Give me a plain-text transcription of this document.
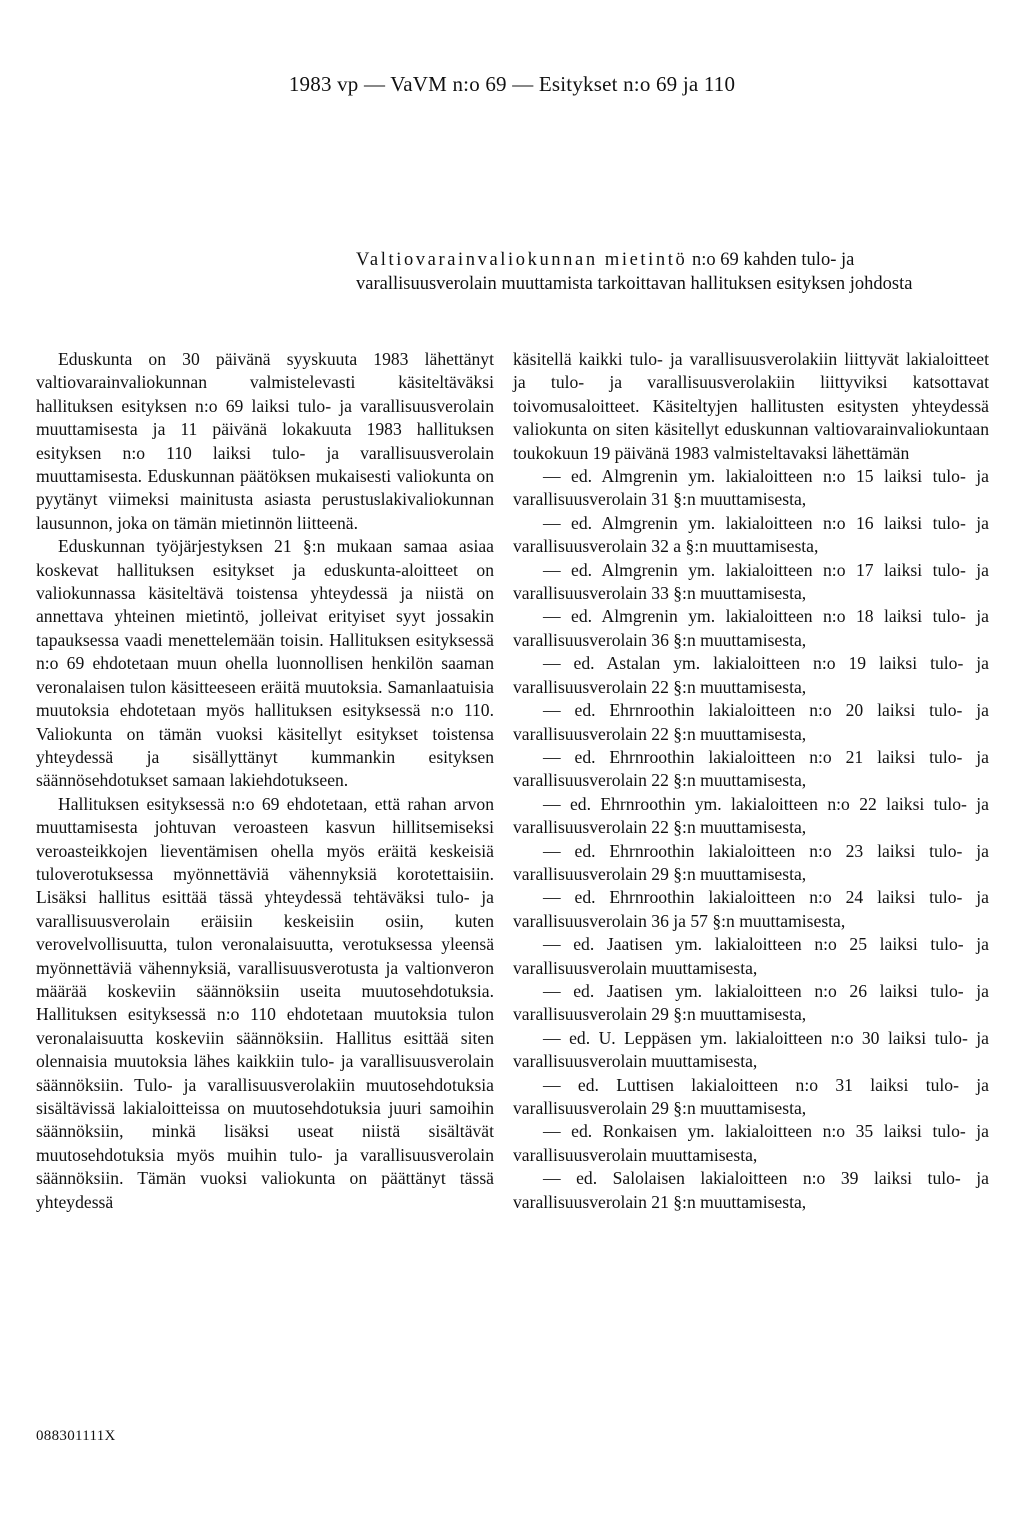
1983 vp — VaVM n:o 69 — Esitykset n:o 69 ja 110
Valtiovarainvaliokunnan mietintö n:o 69 kahden tulo- ja varallisuusverolain muuttamista tarkoittavan hallituksen esityksen johdosta

Eduskunta on 30 päivänä syyskuuta 1983 lähettänyt valtiovarainvaliokunnan valmistelevasti käsiteltäväksi hallituksen esityksen n:o 69 laiksi tulo- ja varallisuusverolain muuttamisesta ja 11 päivänä lokakuuta 1983 hallituksen esityksen n:o 110 laiksi tulo- ja varallisuusverolain muuttamisesta. Eduskunnan päätöksen mukaisesti valiokunta on pyytänyt viimeksi mainitusta asiasta perustuslakivaliokunnan lausunnon, joka on tämän mietinnön liitteenä.

Eduskunnan työjärjestyksen 21 §:n mukaan samaa asiaa koskevat hallituksen esitykset ja eduskunta-aloitteet on valiokunnassa käsiteltävä toistensa yhteydessä ja niistä on annettava yhteinen mietintö, jolleivat erityiset syyt jossakin tapauksessa vaadi menettelemään toisin. Hallituksen esityksessä n:o 69 ehdotetaan muun ohella luonnollisen henkilön saaman veronalaisen tulon käsitteeseen eräitä muutoksia. Samanlaatuisia muutoksia ehdotetaan myös hallituksen esityksessä n:o 110. Valiokunta on tämän vuoksi käsitellyt esitykset toistensa yhteydessä ja sisällyttänyt kummankin esityksen säännösehdotukset samaan lakiehdotukseen.

Hallituksen esityksessä n:o 69 ehdotetaan, että rahan arvon muuttamisesta johtuvan veroasteen kasvun hillitsemiseksi veroasteikkojen lieventämisen ohella myös eräitä keskeisiä tuloverotuksessa myönnettäviä vähennyksiä korotettaisiin. Lisäksi hallitus esittää tässä yhteydessä tehtäväksi tulo- ja varallisuusverolain eräisiin keskeisiin osiin, kuten verovelvollisuutta, tulon veronalaisuutta, verotuksessa yleensä myönnettäviä vähennyksiä, varallisuusverotusta ja valtionveron määrää koskeviin säännöksiin useita muutosehdotuksia. Hallituksen esityksessä n:o 110 ehdotetaan muutoksia tulon veronalaisuutta koskeviin säännöksiin. Hallitus esittää siten olennaisia muutoksia lähes kaikkiin tulo- ja varallisuusverolain säännöksiin. Tulo- ja varallisuusverolakiin muutosehdotuksia sisältävissä lakialoitteissa on muutosehdotuksia juuri samoihin säännöksiin, minkä lisäksi useat niistä sisältävät muutosehdotuksia myös muihin tulo- ja varallisuusverolain säännöksiin. Tämän vuoksi valiokunta on päättänyt tässä yhteydessä

käsitellä kaikki tulo- ja varallisuusverolakiin liittyvät lakialoitteet ja tulo- ja varallisuusverolakiin liittyviksi katsottavat toivomusaloitteet. Käsiteltyjen hallitusten esitysten yhteydessä valiokunta on siten käsitellyt eduskunnan valtiovarainvaliokuntaan toukokuun 19 päivänä 1983 valmisteltavaksi lähettämän

— ed. Almgrenin ym. lakialoitteen n:o 15 laiksi tulo- ja varallisuusverolain 31 §:n muuttamisesta,

— ed. Almgrenin ym. lakialoitteen n:o 16 laiksi tulo- ja varallisuusverolain 32 a §:n muuttamisesta,

— ed. Almgrenin ym. lakialoitteen n:o 17 laiksi tulo- ja varallisuusverolain 33 §:n muuttamisesta,

— ed. Almgrenin ym. lakialoitteen n:o 18 laiksi tulo- ja varallisuusverolain 36 §:n muuttamisesta,

— ed. Astalan ym. lakialoitteen n:o 19 laiksi tulo- ja varallisuusverolain 22 §:n muuttamisesta,

— ed. Ehrnroothin lakialoitteen n:o 20 laiksi tulo- ja varallisuusverolain 22 §:n muuttamisesta,

— ed. Ehrnroothin lakialoitteen n:o 21 laiksi tulo- ja varallisuusverolain 22 §:n muuttamisesta,

— ed. Ehrnroothin ym. lakialoitteen n:o 22 laiksi tulo- ja varallisuusverolain 22 §:n muuttamisesta,

— ed. Ehrnroothin lakialoitteen n:o 23 laiksi tulo- ja varallisuusverolain 29 §:n muuttamisesta,

— ed. Ehrnroothin lakialoitteen n:o 24 laiksi tulo- ja varallisuusverolain 36 ja 57 §:n muuttamisesta,

— ed. Jaatisen ym. lakialoitteen n:o 25 laiksi tulo- ja varallisuusverolain muuttamisesta,

— ed. Jaatisen ym. lakialoitteen n:o 26 laiksi tulo- ja varallisuusverolain 29 §:n muuttamisesta,

— ed. U. Leppäsen ym. lakialoitteen n:o 30 laiksi tulo- ja varallisuusverolain muuttamisesta,

— ed. Luttisen lakialoitteen n:o 31 laiksi tulo- ja varallisuusverolain 29 §:n muuttamisesta,

— ed. Ronkaisen ym. lakialoitteen n:o 35 laiksi tulo- ja varallisuusverolain muuttamisesta,

— ed. Salolaisen lakialoitteen n:o 39 laiksi tulo- ja varallisuusverolain 21 §:n muuttamisesta,

088301111X
